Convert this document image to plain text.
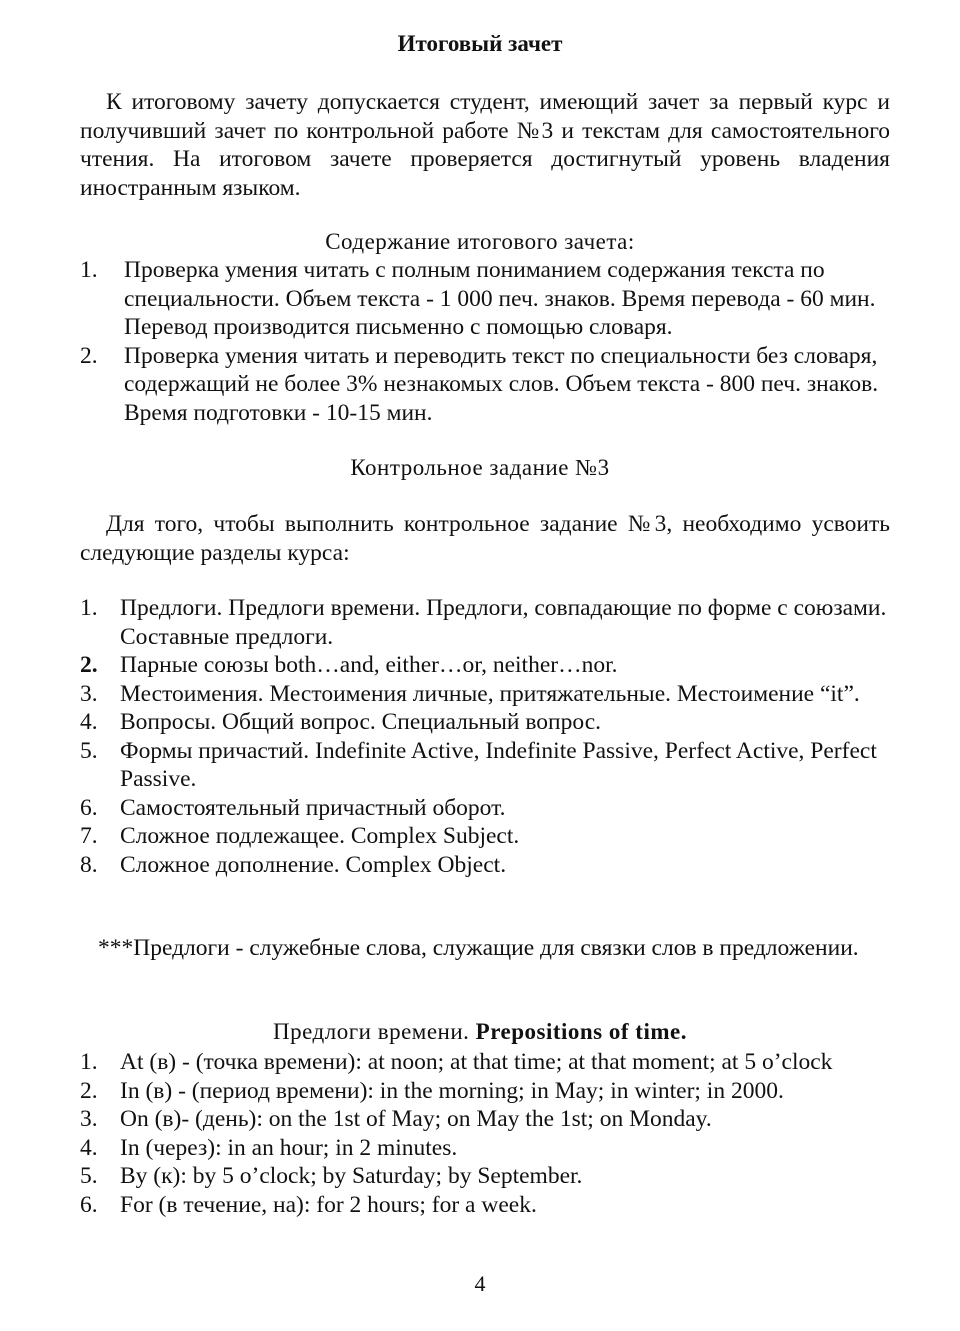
Итоговый зачет
К итоговому зачету допускается студент, имеющий зачет за первый курс и получивший зачет по контрольной работе №3 и текстам для самостоятельного чтения. На итоговом зачете проверяется достигнутый уровень владения иностранным языком.
Содержание итогового зачета:
1. Проверка умения читать с полным пониманием содержания текста по специальности. Объем текста - 1 000 печ. знаков. Время перевода - 60 мин. Перевод производится письменно с помощью словаря.
2. Проверка умения читать и переводить текст по специальности без словаря, содержащий не более 3% незнакомых слов. Объем текста - 800 печ. знаков. Время подготовки - 10-15 мин.
Контрольное задание №3
Для того, чтобы выполнить контрольное задание №3, необходимо усвоить следующие разделы курса:
1. Предлоги. Предлоги времени. Предлоги, совпадающие по форме с союзами. Составные предлоги.
2. Парные союзы both…and, either…or, neither…nor.
3. Местоимения. Местоимения личные, притяжательные. Местоимение “it”.
4. Вопросы. Общий вопрос. Специальный вопрос.
5. Формы причастий. Indefinite Active, Indefinite Passive, Perfect Active, Perfect Passive.
6. Самостоятельный причастный оборот.
7. Сложное подлежащее. Complex Subject.
8. Сложное дополнение. Complex Object.
***Предлоги - служебные слова, служащие для связки слов в предложении.
Предлоги времени. Prepositions of time.
1. At (в) - (точка времени): at noon; at that time; at that moment; at 5 o’clock
2. In (в) - (период времени): in the morning; in May; in winter; in 2000.
3. On (в)- (день): on the 1st of May; on May the 1st; on Monday.
4. In (через): in an hour; in 2 minutes.
5. By (к): by 5 o’clock; by Saturday; by September.
6. For (в течение, на): for 2 hours; for a week.
4
